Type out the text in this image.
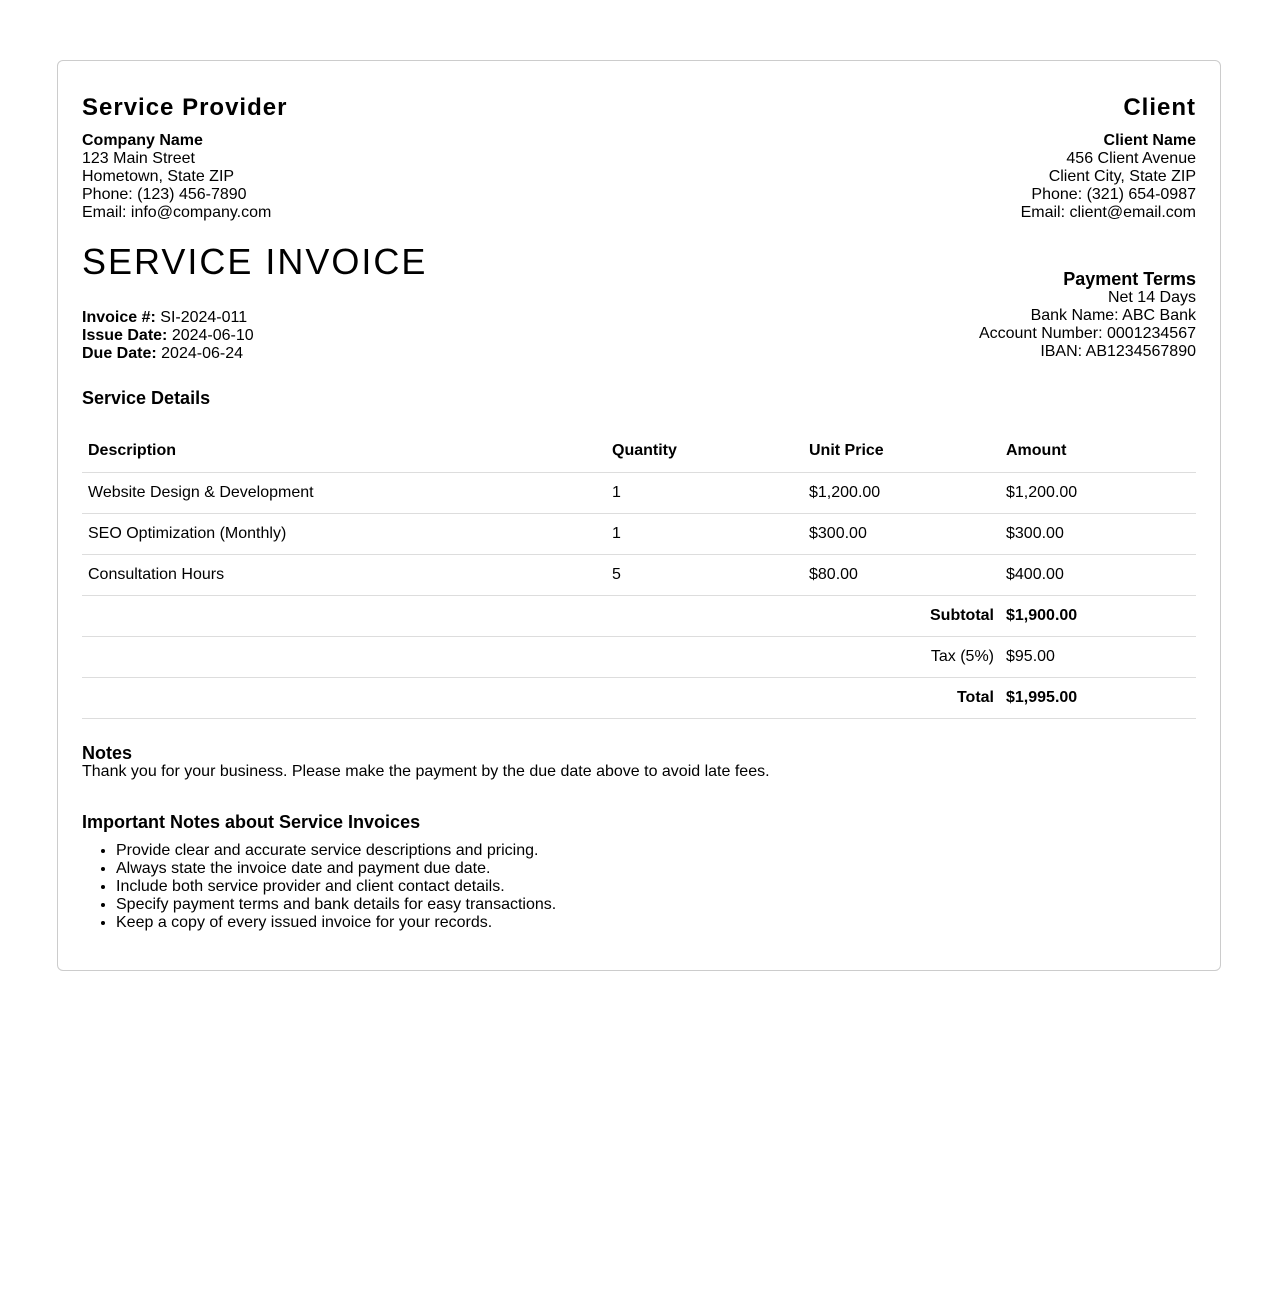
Service Provider
Company Name
123 Main Street
Hometown, State ZIP
Phone: (123) 456-7890
Email: info@company.com
Client
Client Name
456 Client Avenue
Client City, State ZIP
Phone: (321) 654-0987
Email: client@email.com
SERVICE INVOICE
Invoice #: SI-2024-011
Issue Date: 2024-06-10
Due Date: 2024-06-24
Payment Terms
Net 14 Days
Bank Name: ABC Bank
Account Number: 0001234567
IBAN: AB1234567890
Service Details
Description	Quantity	Unit Price	Amount
Website Design & Development	1	$1,200.00	$1,200.00
SEO Optimization (Monthly)	1	$300.00	$300.00
Consultation Hours	5	$80.00	$400.00
Subtotal			$1,900.00
Tax (5%)			$95.00
Total			$1,995.00
Notes
Thank you for your business. Please make the payment by the due date above to avoid late fees.
Important Notes about Service Invoices
• Provide clear and accurate service descriptions and pricing.
• Always state the invoice date and payment due date.
• Include both service provider and client contact details.
• Specify payment terms and bank details for easy transactions.
• Keep a copy of every issued invoice for your records.
